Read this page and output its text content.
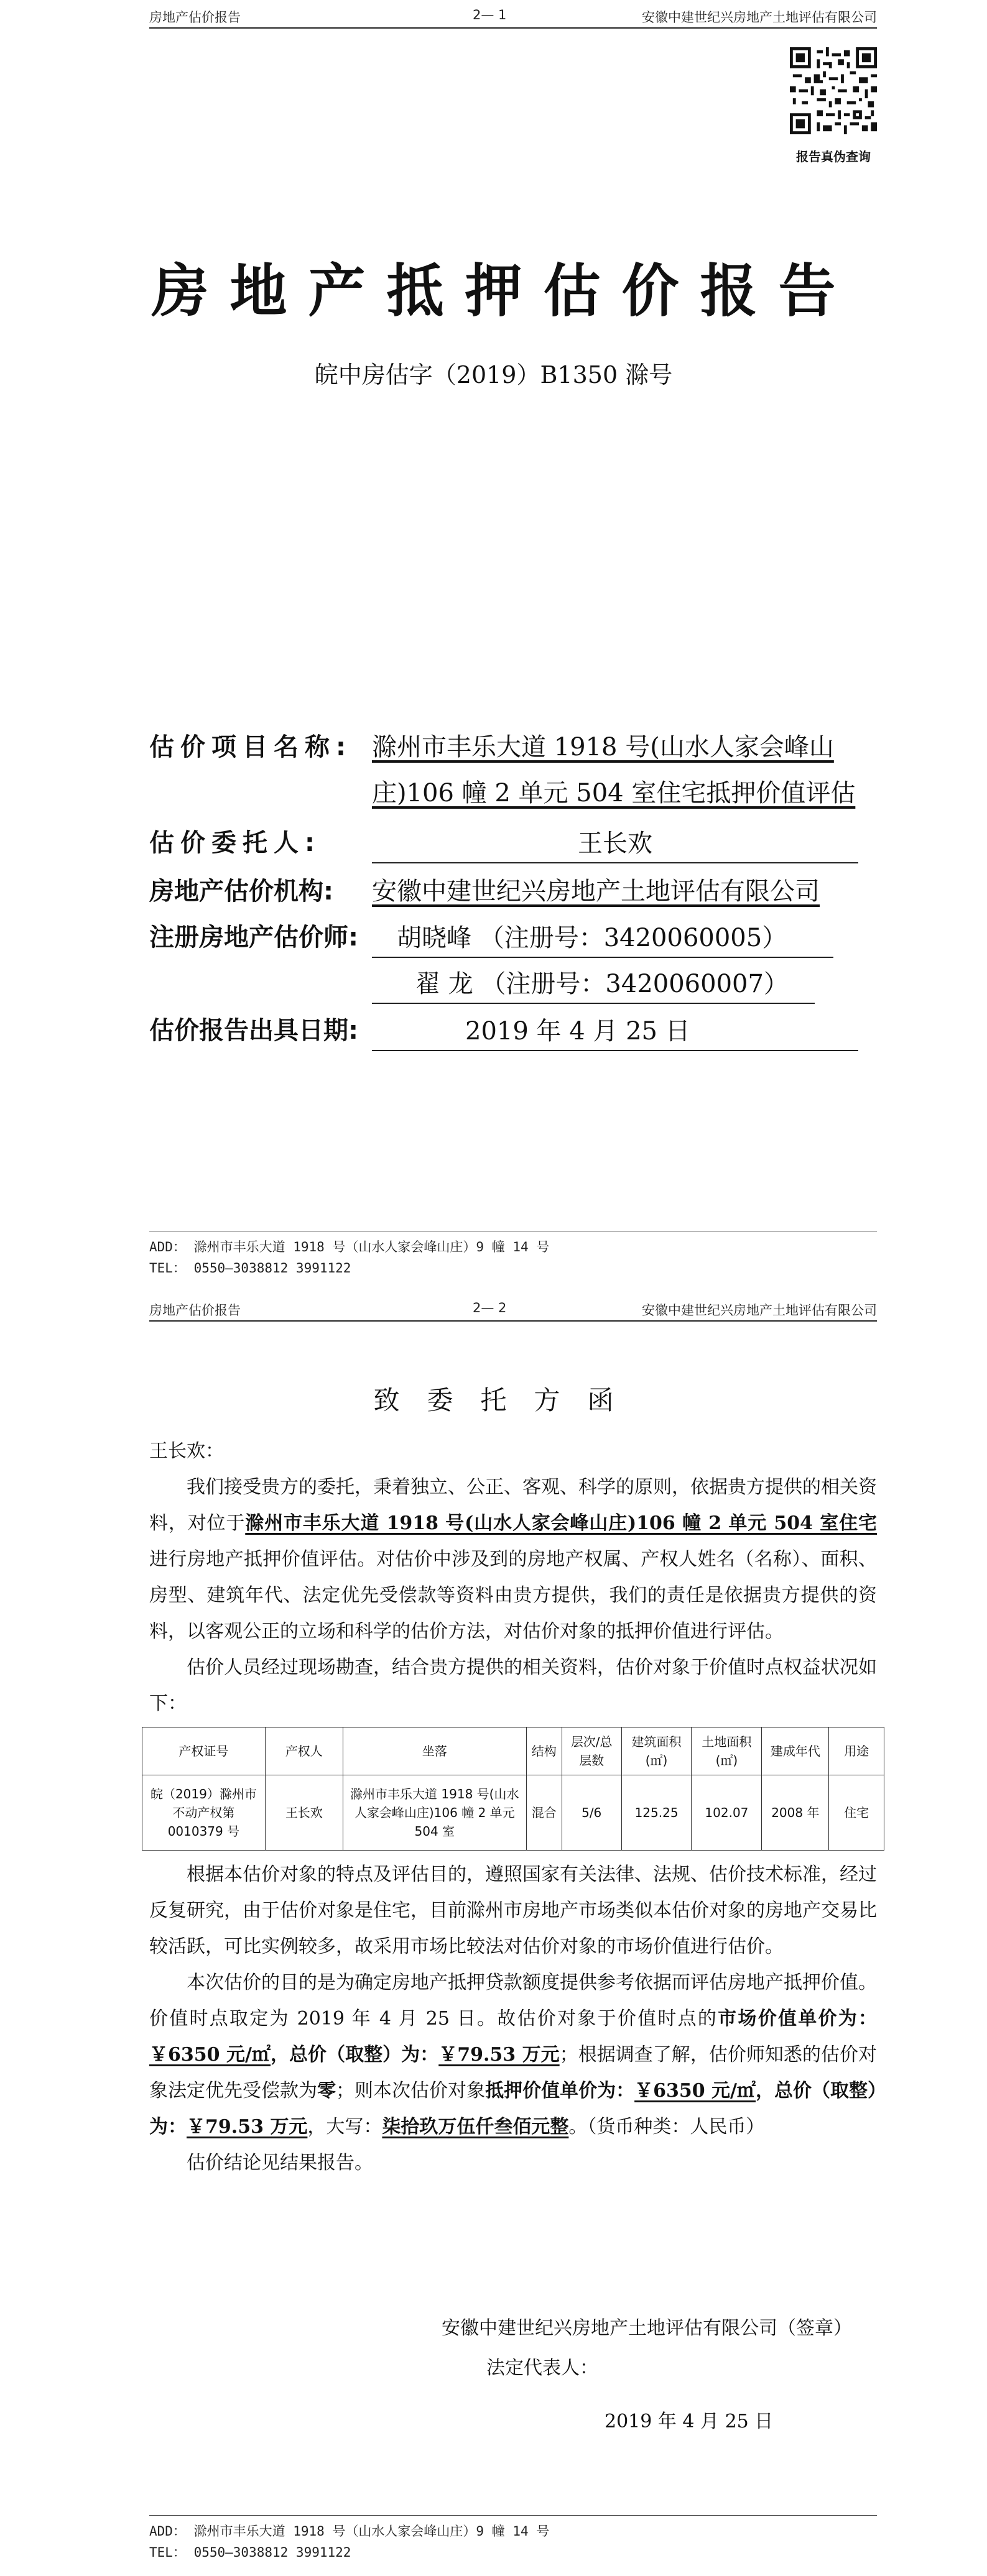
房地产估价报告	2— 1	安徽中建世纪兴房地产土地评估有限公司
报告真伪查询
房地产抵押估价报告
皖中房估字（2019）B1350 滁号
估价项目名称: 滁州市丰乐大道 1918 号(山水人家会峰山
庄)106 幢 2 单元 504 室住宅抵押价值评估
估价委托人:	王长欢
房地产估价机构:	安徽中建世纪兴房地产土地评估有限公司
注册房地产估价师:	胡晓峰 （注册号：3420060005）
翟 龙 （注册号：3420060007）
估价报告出具日期:	2019 年 4 月 25 日
ADD： 滁州市丰乐大道 1918 号（山水人家会峰山庄）9 幢 14 号
TEL： 0550—3038812 3991122
房地产估价报告	2— 2	安徽中建世纪兴房地产土地评估有限公司
致委托方函

王长欢：

我们接受贵方的委托，秉着独立、公正、客观、科学的原则，依据贵方提供的相关资料，对位于滁州市丰乐大道 1918 号(山水人家会峰山庄)106 幢 2 单元 504 室住宅进行房地产抵押价值评估。对估价中涉及到的房地产权属、产权人姓名（名称）、面积、房型、建筑年代、法定优先受偿款等资料由贵方提供，我们的责任是依据贵方提供的资料，以客观公正的立场和科学的估价方法，对估价对象的抵押价值进行评估。

估价人员经过现场勘查，结合贵方提供的相关资料，估价对象于价值时点权益状况如下：

产权证号	产权人	坐落	结构	层次/总层数	建筑面积(㎡)	土地面积(㎡)	建成年代	用途
皖（2019）滁州市不动产权第0010379 号	王长欢	滁州市丰乐大道 1918 号(山水人家会峰山庄)106 幢 2 单元 504 室	混合	5/6	125.25	102.07	2008 年	住宅

根据本估价对象的特点及评估目的，遵照国家有关法律、法规、估价技术标准，经过反复研究，由于估价对象是住宅，目前滁州市房地产市场类似本估价对象的房地产交易比较活跃，可比实例较多，故采用市场比较法对估价对象的市场价值进行估价。

本次估价的目的是为确定房地产抵押贷款额度提供参考依据而评估房地产抵押价值。价值时点取定为 2019 年 4 月 25 日。故估价对象于价值时点的市场价值单价为：￥6350 元/㎡，总价（取整）为：￥79.53 万元；根据调查了解，估价师知悉的估价对象法定优先受偿款为零；则本次估价对象抵押价值单价为：￥6350 元/㎡，总价（取整）为：￥79.53 万元，大写：柒拾玖万伍仟叁佰元整。（货币种类：人民币）

估价结论见结果报告。

安徽中建世纪兴房地产土地评估有限公司（签章）
法定代表人：
2019 年 4 月 25 日
ADD： 滁州市丰乐大道 1918 号（山水人家会峰山庄）9 幢 14 号
TEL： 0550—3038812 3991122
